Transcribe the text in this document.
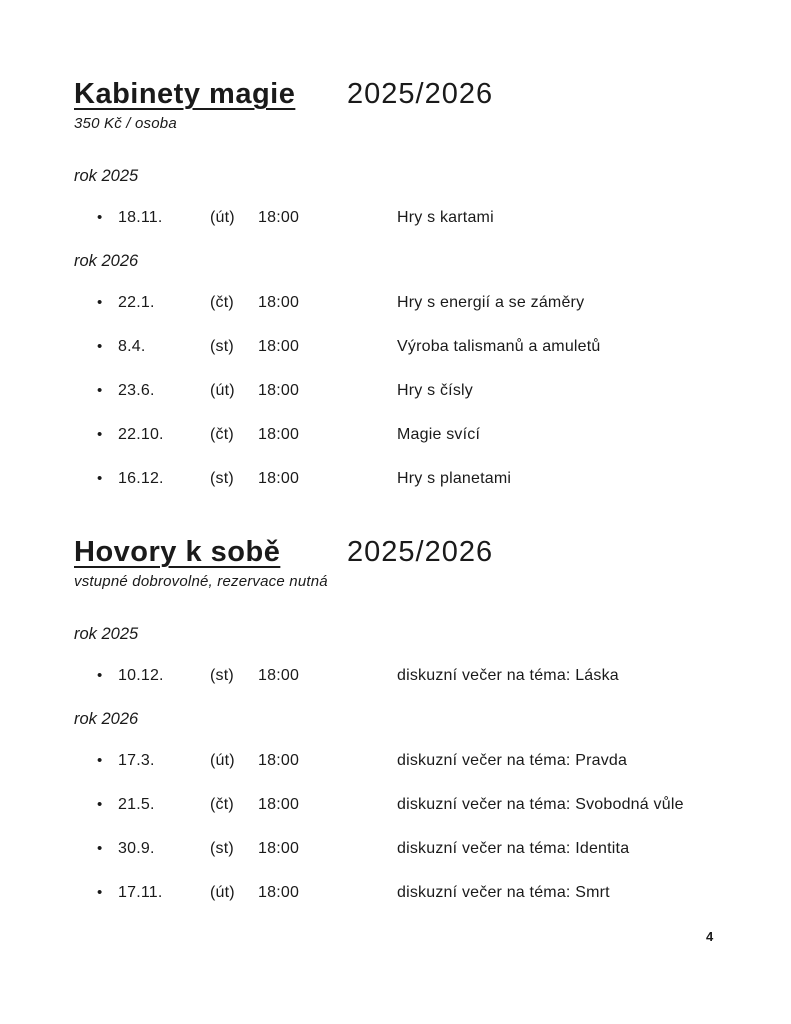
Kabinety magie 2025/2026
350 Kč / osoba
rok 2025
• 18.11.	(út)	18:00	Hry s kartami
rok 2026
• 22.1.	(čt)	18:00	Hry s energií a se záměry
• 8.4.	(st)	18:00	Výroba talismanů a amuletů
• 23.6.	(út)	18:00	Hry s čísly
• 22.10.	(čt)	18:00	Magie svící
• 16.12.	(st)	18:00	Hry s planetami
Hovory k sobě 2025/2026
vstupné dobrovolné, rezervace nutná
rok 2025
• 10.12.	(st)	18:00	diskuzní večer na téma: Láska
rok 2026
• 17.3.	(út)	18:00	diskuzní večer na téma: Pravda
• 21.5.	(čt)	18:00	diskuzní večer na téma: Svobodná vůle
• 30.9.	(st)	18:00	diskuzní večer na téma: Identita
• 17.11.	(út)	18:00	diskuzní večer na téma: Smrt
4
